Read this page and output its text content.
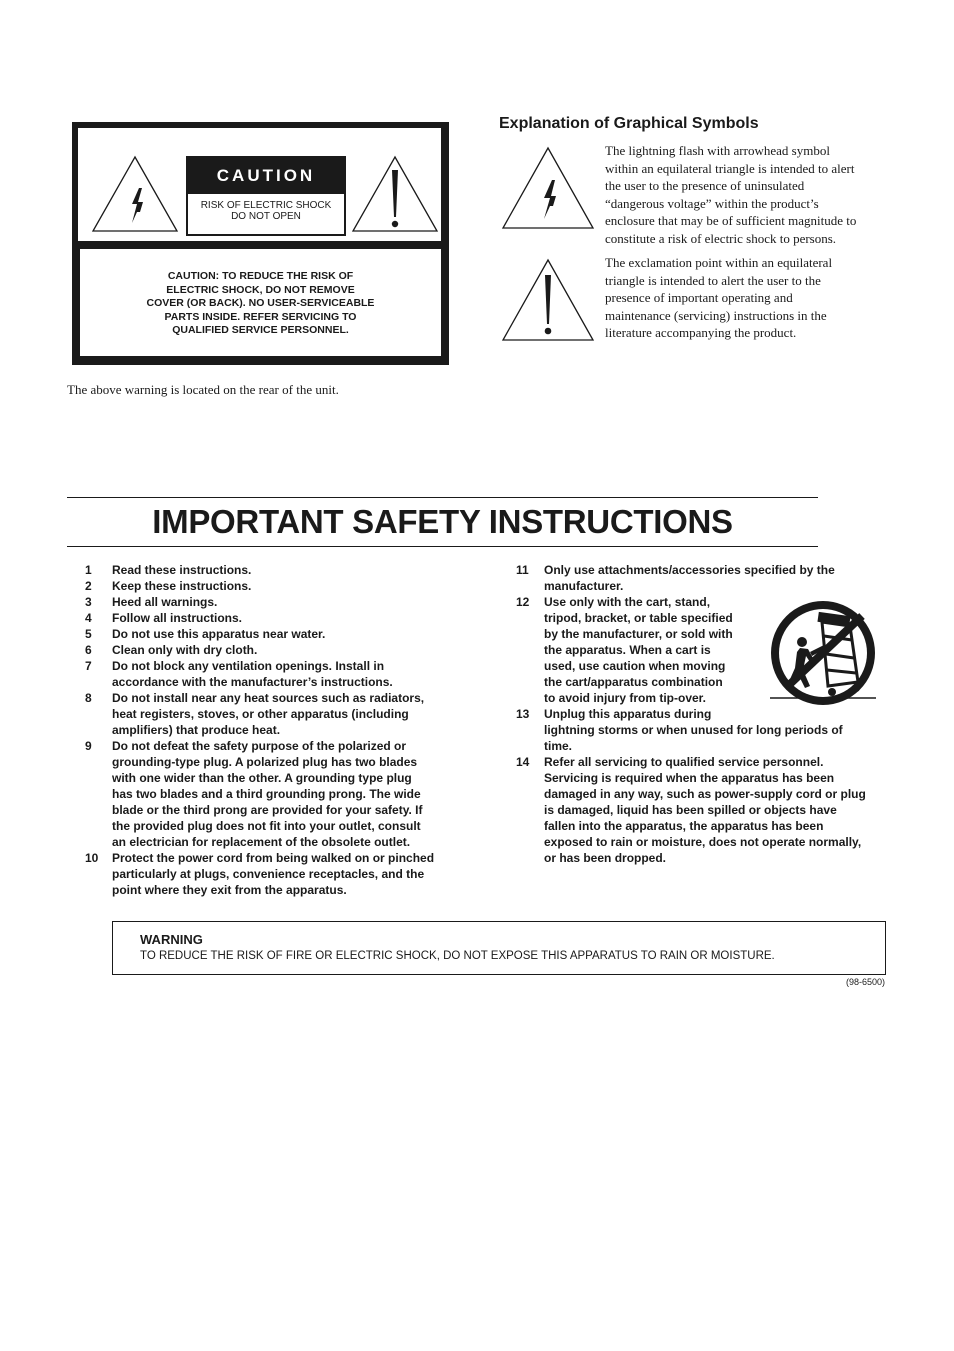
CAUTION
RISK OF ELECTRIC SHOCK
DO NOT OPEN
CAUTION: TO REDUCE THE RISK OF
ELECTRIC SHOCK, DO NOT REMOVE
COVER (OR BACK). NO USER-SERVICEABLE
PARTS INSIDE. REFER SERVICING TO
QUALIFIED SERVICE PERSONNEL.
The above warning is located on the rear of the unit.
Explanation of Graphical Symbols
The lightning flash with arrowhead symbol
within an equilateral triangle is intended to alert
the user to the presence of uninsulated
“dangerous voltage” within the product’s
enclosure that may be of sufficient magnitude to
constitute a risk of electric shock to persons.
The exclamation point within an equilateral
triangle is intended to alert the user to the
presence of important operating and
maintenance (servicing) instructions in the
literature accompanying the product.
IMPORTANT SAFETY INSTRUCTIONS
1 Read these instructions.
2 Keep these instructions.
3 Heed all warnings.
4 Follow all instructions.
5 Do not use this apparatus near water.
6 Clean only with dry cloth.
7 Do not block any ventilation openings. Install in
accordance with the manufacturer’s instructions.
8 Do not install near any heat sources such as radiators,
heat registers, stoves, or other apparatus (including
amplifiers) that produce heat.
9 Do not defeat the safety purpose of the polarized or
grounding-type plug. A polarized plug has two blades
with one wider than the other. A grounding type plug
has two blades and a third grounding prong. The wide
blade or the third prong are provided for your safety. If
the provided plug does not fit into your outlet, consult
an electrician for replacement of the obsolete outlet.
10 Protect the power cord from being walked on or pinched
particularly at plugs, convenience receptacles, and the
point where they exit from the apparatus.
11 Only use attachments/accessories specified by the
manufacturer.
12 Use only with the cart, stand,
tripod, bracket, or table specified
by the manufacturer, or sold with
the apparatus. When a cart is
used, use caution when moving
the cart/apparatus combination
to avoid injury from tip-over.
13 Unplug this apparatus during
lightning storms or when unused for long periods of
time.
14 Refer all servicing to qualified service personnel.
Servicing is required when the apparatus has been
damaged in any way, such as power-supply cord or plug
is damaged, liquid has been spilled or objects have
fallen into the apparatus, the apparatus has been
exposed to rain or moisture, does not operate normally,
or has been dropped.
WARNING
TO REDUCE THE RISK OF FIRE OR ELECTRIC SHOCK, DO NOT EXPOSE THIS APPARATUS TO RAIN OR MOISTURE.
(98-6500)
